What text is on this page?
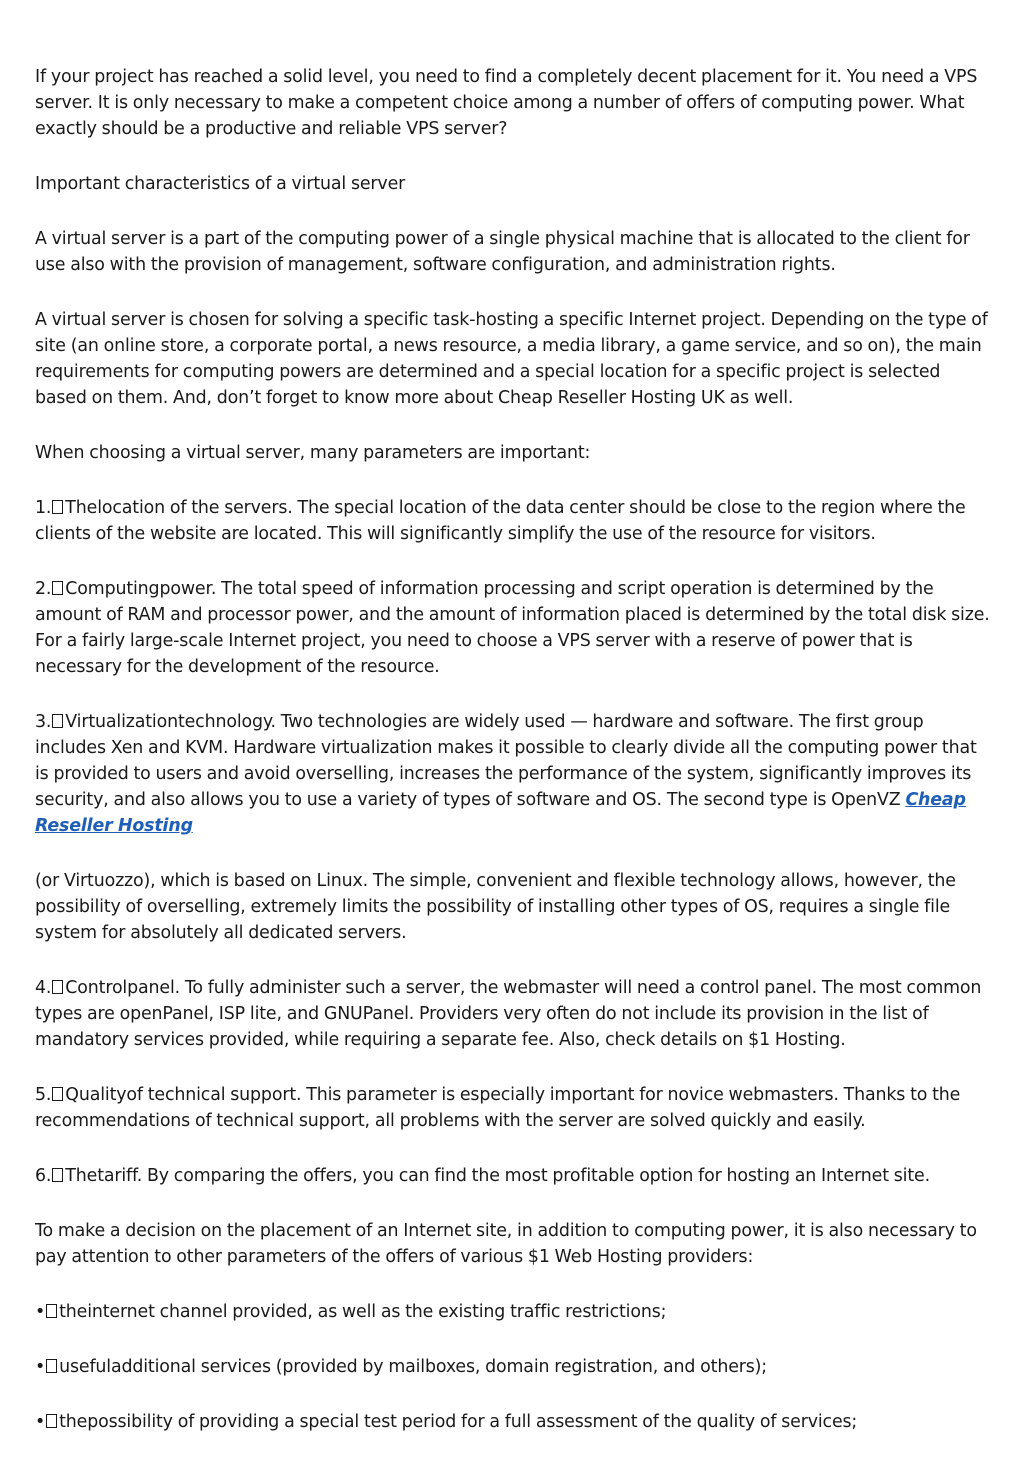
If your project has reached a solid level, you need to find a completely decent placement for it. You need a VPS server. It is only necessary to make a competent choice among a number of offers of computing power. What exactly should be a productive and reliable VPS server?

Important characteristics of a virtual server

A virtual server is a part of the computing power of a single physical machine that is allocated to the client for use also with the provision of management, software configuration, and administration rights.

A virtual server is chosen for solving a specific task-hosting a specific Internet project. Depending on the type of site (an online store, a corporate portal, a news resource, a media library, a game service, and so on), the main requirements for computing powers are determined and a special location for a specific project is selected based on them. And, don’t forget to know more about Cheap Reseller Hosting UK as well.

When choosing a virtual server, many parameters are important:

1. Thelocation of the servers. The special location of the data center should be close to the region where the clients of the website are located. This will significantly simplify the use of the resource for visitors.

2. Computingpower. The total speed of information processing and script operation is determined by the amount of RAM and processor power, and the amount of information placed is determined by the total disk size. For a fairly large-scale Internet project, you need to choose a VPS server with a reserve of power that is necessary for the development of the resource.

3. Virtualizationtechnology. Two technologies are widely used — hardware and software. The first group includes Xen and KVM. Hardware virtualization makes it possible to clearly divide all the computing power that is provided to users and avoid overselling, increases the performance of the system, significantly improves its security, and also allows you to use a variety of types of software and OS. The second type is OpenVZ Cheap Reseller Hosting

(or Virtuozzo), which is based on Linux. The simple, convenient and flexible technology allows, however, the possibility of overselling, extremely limits the possibility of installing other types of OS, requires a single file system for absolutely all dedicated servers.

4. Controlpanel. To fully administer such a server, the webmaster will need a control panel. The most common types are openPanel, ISP lite, and GNUPanel. Providers very often do not include its provision in the list of mandatory services provided, while requiring a separate fee. Also, check details on $1 Hosting.

5. Qualityof technical support. This parameter is especially important for novice webmasters. Thanks to the recommendations of technical support, all problems with the server are solved quickly and easily.

6. Thetariff. By comparing the offers, you can find the most profitable option for hosting an Internet site.

To make a decision on the placement of an Internet site, in addition to computing power, it is also necessary to pay attention to other parameters of the offers of various $1 Web Hosting providers:

• theinternet channel provided, as well as the existing traffic restrictions;

• usefuladditional services (provided by mailboxes, domain registration, and others);

• thepossibility of providing a special test period for a full assessment of the quality of services;
